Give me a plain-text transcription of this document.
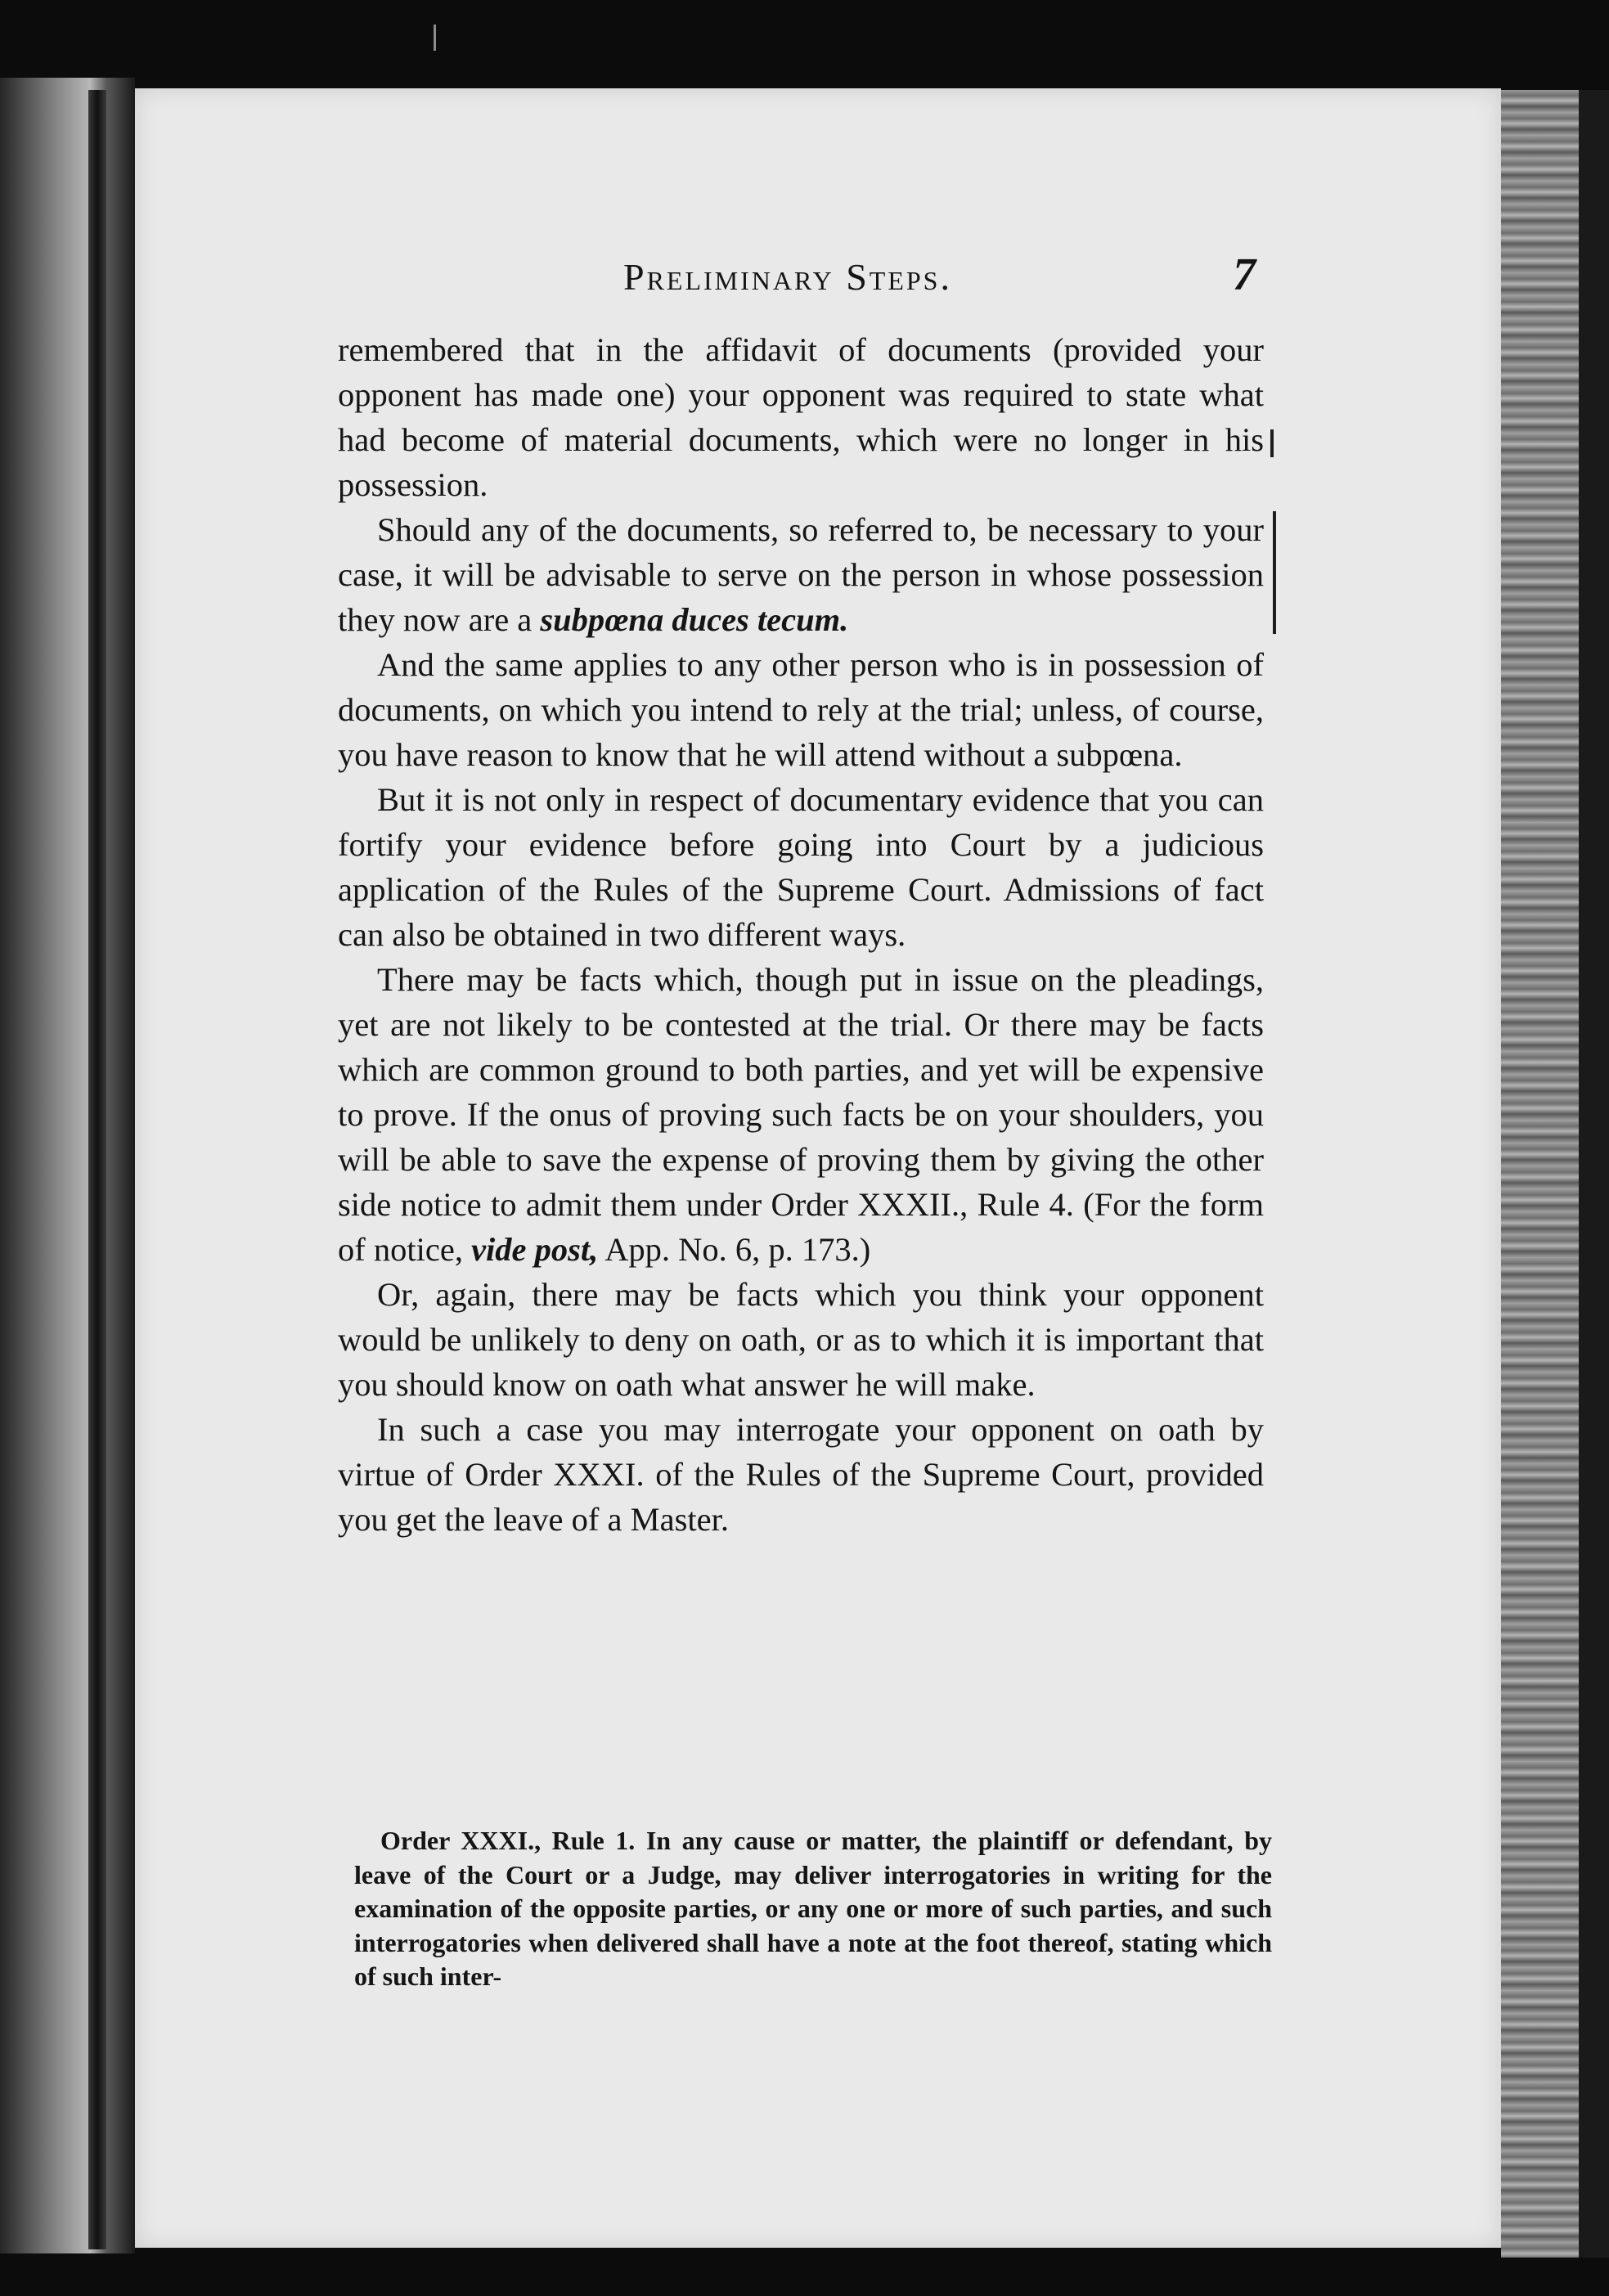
Preliminary Steps.	7

remembered that in the affidavit of documents (provided your opponent has made one) your opponent was required to state what had become of material documents, which were no longer in his possession.

Should any of the documents, so referred to, be necessary to your case, it will be advisable to serve on the person in whose possession they now are a subpœna duces tecum.

And the same applies to any other person who is in possession of documents, on which you intend to rely at the trial; unless, of course, you have reason to know that he will attend without a subpœna.

But it is not only in respect of documentary evidence that you can fortify your evidence before going into Court by a judicious application of the Rules of the Supreme Court. Admissions of fact can also be obtained in two different ways.

There may be facts which, though put in issue on the pleadings, yet are not likely to be contested at the trial. Or there may be facts which are common ground to both parties, and yet will be expensive to prove. If the onus of proving such facts be on your shoulders, you will be able to save the expense of proving them by giving the other side notice to admit them under Order XXXII., Rule 4. (For the form of notice, vide post, App. No. 6, p. 173.)

Or, again, there may be facts which you think your opponent would be unlikely to deny on oath, or as to which it is important that you should know on oath what answer he will make.

In such a case you may interrogate your opponent on oath by virtue of Order XXXI. of the Rules of the Supreme Court, provided you get the leave of a Master.

Order XXXI., Rule 1. In any cause or matter, the plaintiff or defendant, by leave of the Court or a Judge, may deliver interrogatories in writing for the examination of the opposite parties, or any one or more of such parties, and such interrogatories when delivered shall have a note at the foot thereof, stating which of such inter-
